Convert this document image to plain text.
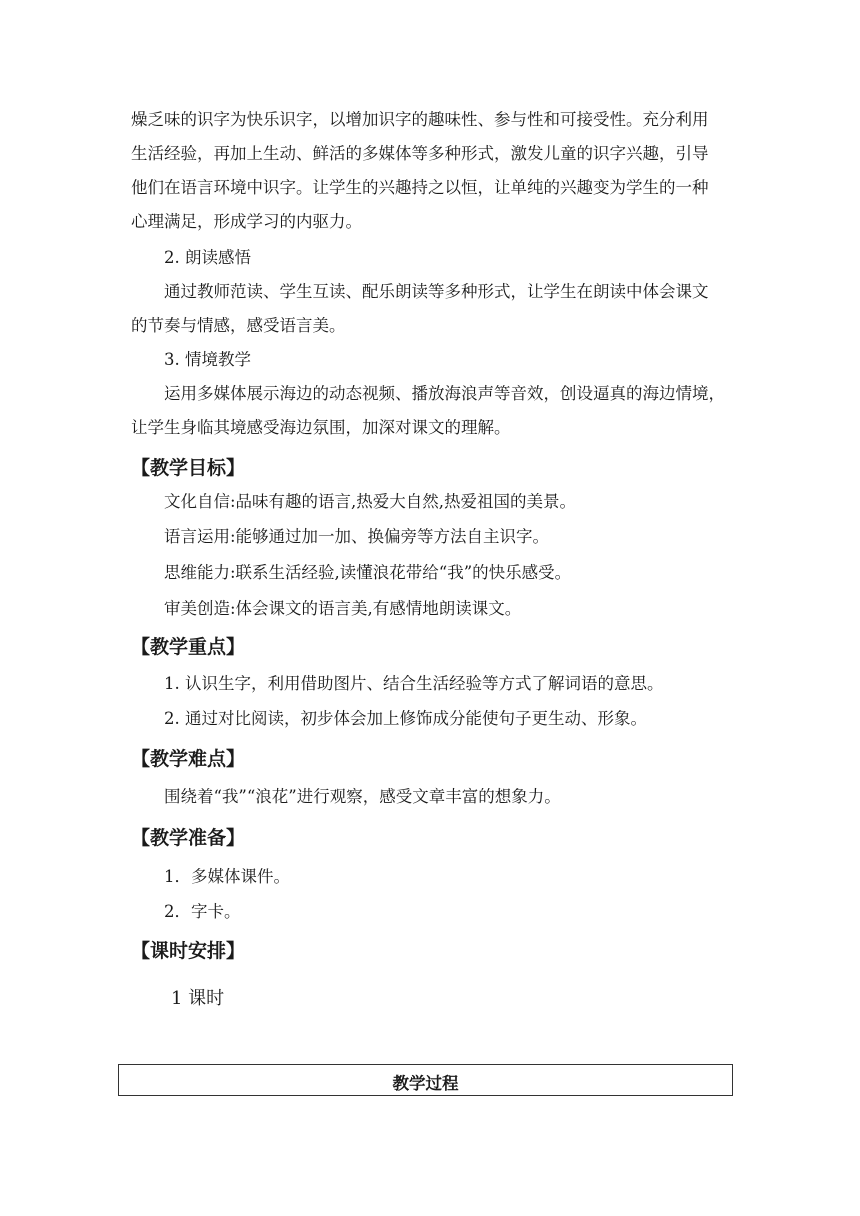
燥乏味的识字为快乐识字，以增加识字的趣味性、参与性和可接受性。充分利用
生活经验，再加上生动、鲜活的多媒体等多种形式，激发儿童的识字兴趣，引导
他们在语言环境中识字。让学生的兴趣持之以恒，让单纯的兴趣变为学生的一种
心理满足，形成学习的内驱力。
2. 朗读感悟
通过教师范读、学生互读、配乐朗读等多种形式，让学生在朗读中体会课文
的节奏与情感，感受语言美。
3. 情境教学
运用多媒体展示海边的动态视频、播放海浪声等音效，创设逼真的海边情境，
让学生身临其境感受海边氛围，加深对课文的理解。
【教学目标】
文化自信:品味有趣的语言,热爱大自然,热爱祖国的美景。
语言运用:能够通过加一加、换偏旁等方法自主识字。
思维能力:联系生活经验,读懂浪花带给“我”的快乐感受。
审美创造:体会课文的语言美,有感情地朗读课文。
【教学重点】
1. 认识生字，利用借助图片、结合生活经验等方式了解词语的意思。
2. 通过对比阅读，初步体会加上修饰成分能使句子更生动、形象。
【教学难点】
围绕着“我”“浪花”进行观察，感受文章丰富的想象力。
【教学准备】
1．多媒体课件。
2．字卡。
【课时安排】
1 课时
教学过程
